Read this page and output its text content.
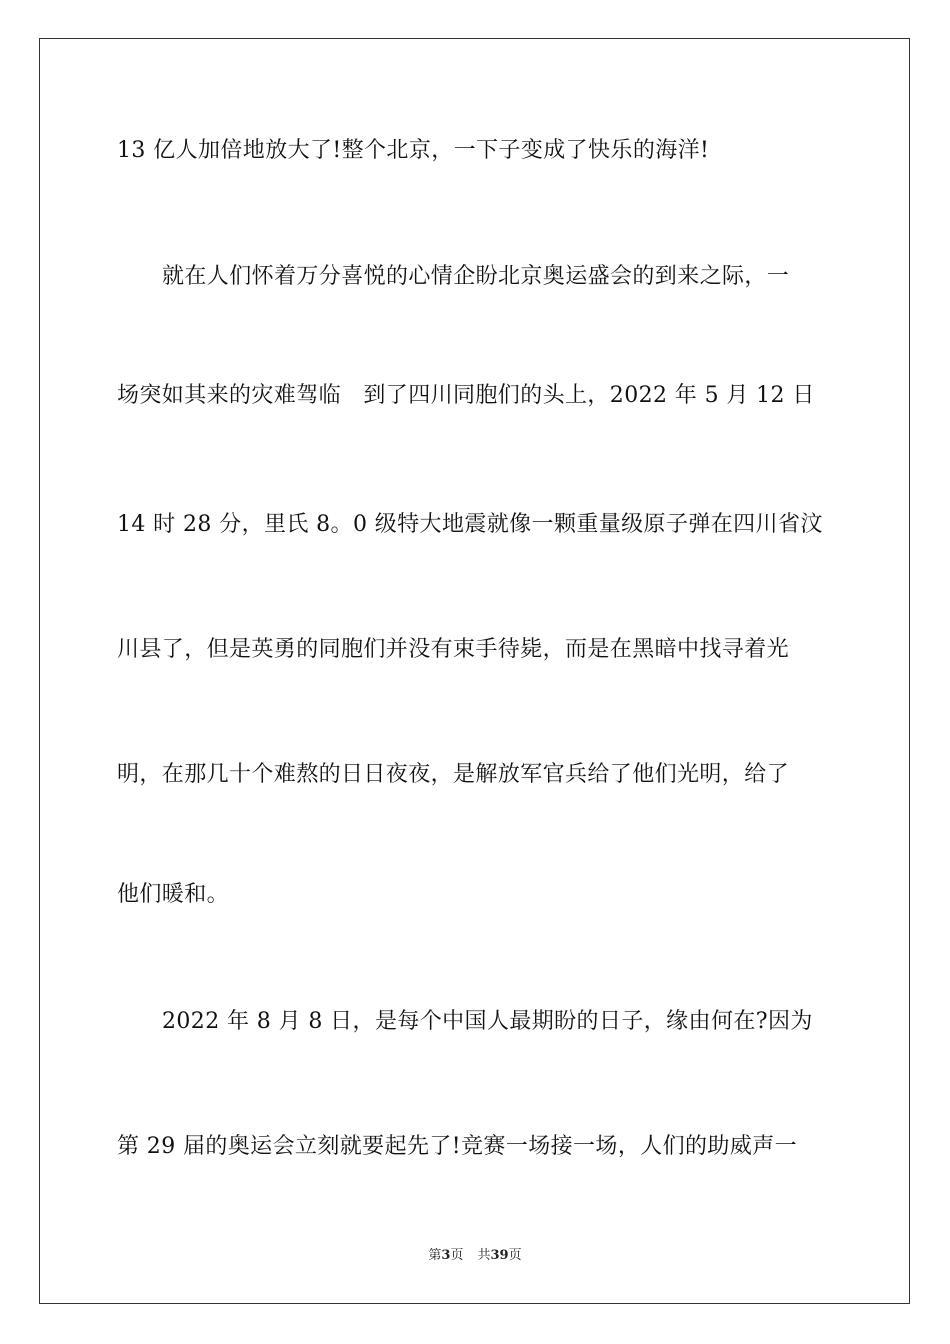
13 亿人加倍地放大了!整个北京，一下子变成了快乐的海洋!
就在人们怀着万分喜悦的心情企盼北京奥运盛会的到来之际，一
场突如其来的灾难驾临　到了四川同胞们的头上，2022 年 5 月 12 日
14 时 28 分，里氏 8。0 级特大地震就像一颗重量级原子弹在四川省汶
川县了，但是英勇的同胞们并没有束手待毙，而是在黑暗中找寻着光
明，在那几十个难熬的日日夜夜，是解放军官兵给了他们光明，给了
他们暖和。
2022 年 8 月 8 日，是每个中国人最期盼的日子，缘由何在?因为
第 29 届的奥运会立刻就要起先了!竞赛一场接一场，人们的助威声一
第3页 共39页
